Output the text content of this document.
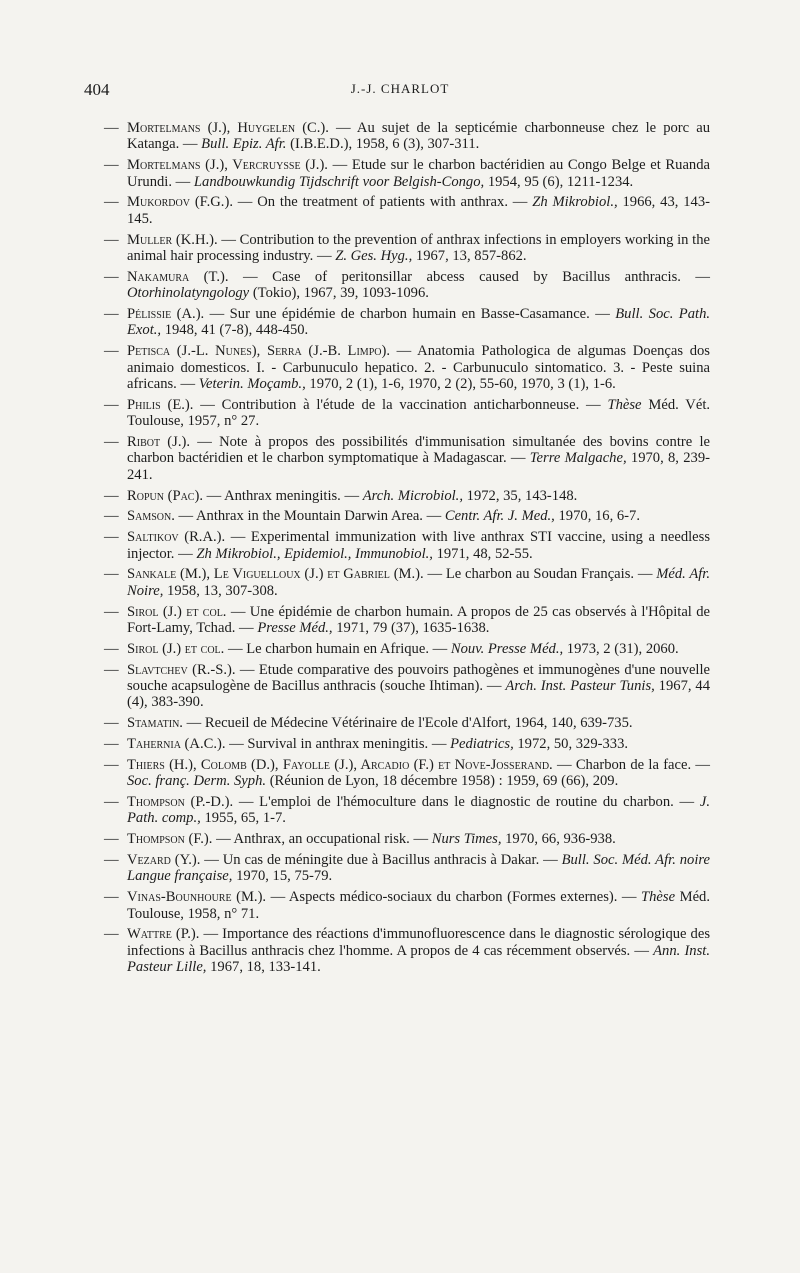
404	J.-J. CHARLOT
— Mortelmans (J.), Huygelen (C.). — Au sujet de la septicémie charbonneuse chez le porc au Katanga. — Bull. Epiz. Afr. (I.B.E.D.), 1958, 6 (3), 307-311.
— Mortelmans (J.), Vercruysse (J.). — Etude sur le charbon bactéridien au Congo Belge et Ruanda Urundi. — Landbouwkundig Tijdschrift voor Belgish-Congo, 1954, 95 (6), 1211-1234.
— Mukordov (F.G.). — On the treatment of patients with anthrax. — Zh Mikrobiol., 1966, 43, 143-145.
— Muller (K.H.). — Contribution to the prevention of anthrax infections in employers working in the animal hair processing industry. — Z. Ges. Hyg., 1967, 13, 857-862.
— Nakamura (T.). — Case of peritonsillar abcess caused by Bacillus anthracis. — Otorhinolatyngology (Tokio), 1967, 39, 1093-1096.
— Pélissie (A.). — Sur une épidémie de charbon humain en Basse-Casamance. — Bull. Soc. Path. Exot., 1948, 41 (7-8), 448-450.
— Petisca (J.-L. Nunes), Serra (J.-B. Limpo). — Anatomia Pathologica de algumas Doenças dos animaio domesticos. I. - Carbunuculo hepatico. 2. - Carbunuculo sintomatico. 3. - Peste suina africans. — Veterin. Moçamb., 1970, 2 (1), 1-6, 1970, 2 (2), 55-60, 1970, 3 (1), 1-6.
— Philis (E.). — Contribution à l'étude de la vaccination anticharbonneuse. — Thèse Méd. Vét. Toulouse, 1957, n° 27.
— Ribot (J.). — Note à propos des possibilités d'immunisation simultanée des bovins contre le charbon bactéridien et le charbon symptomatique à Madagascar. — Terre Malgache, 1970, 8, 239-241.
— Ropun (Pac). — Anthrax meningitis. — Arch. Microbiol., 1972, 35, 143-148.
— Samson. — Anthrax in the Mountain Darwin Area. — Centr. Afr. J. Med., 1970, 16, 6-7.
— Saltikov (R.A.). — Experimental immunization with live anthrax STI vaccine, using a needless injector. — Zh Mikrobiol., Epidemiol., Immunobiol., 1971, 48, 52-55.
— Sankale (M.), Le Viguelloux (J.) et Gabriel (M.). — Le charbon au Soudan Français. — Méd. Afr. Noire, 1958, 13, 307-308.
— Sirol (J.) et col. — Une épidémie de charbon humain. A propos de 25 cas observés à l'Hôpital de Fort-Lamy, Tchad. — Presse Méd., 1971, 79 (37), 1635-1638.
— Sirol (J.) et col. — Le charbon humain en Afrique. — Nouv. Presse Méd., 1973, 2 (31), 2060.
— Slavtchev (R.-S.). — Etude comparative des pouvoirs pathogènes et immunogènes d'une nouvelle souche acapsulogène de Bacillus anthracis (souche Ihtiman). — Arch. Inst. Pasteur Tunis, 1967, 44 (4), 383-390.
— Stamatin. — Recueil de Médecine Vétérinaire de l'Ecole d'Alfort, 1964, 140, 639-735.
— Tahernia (A.C.). — Survival in anthrax meningitis. — Pediatrics, 1972, 50, 329-333.
— Thiers (H.), Colomb (D.), Fayolle (J.), Arcadio (F.) et Nove-Josserand. — Charbon de la face. — Soc. franç. Derm. Syph. (Réunion de Lyon, 18 décembre 1958) : 1959, 69 (66), 209.
— Thompson (P.-D.). — L'emploi de l'hémoculture dans le diagnostic de routine du charbon. — J. Path. comp., 1955, 65, 1-7.
— Thompson (F.). — Anthrax, an occupational risk. — Nurs Times, 1970, 66, 936-938.
— Vezard (Y.). — Un cas de méningite due à Bacillus anthracis à Dakar. — Bull. Soc. Méd. Afr. noire Langue française, 1970, 15, 75-79.
— Vinas-Bounhoure (M.). — Aspects médico-sociaux du charbon (Formes externes). — Thèse Méd. Toulouse, 1958, n° 71.
— Wattre (P.). — Importance des réactions d'immunofluorescence dans le diagnostic sérologique des infections à Bacillus anthracis chez l'homme. A propos de 4 cas récemment observés. — Ann. Inst. Pasteur Lille, 1967, 18, 133-141.
